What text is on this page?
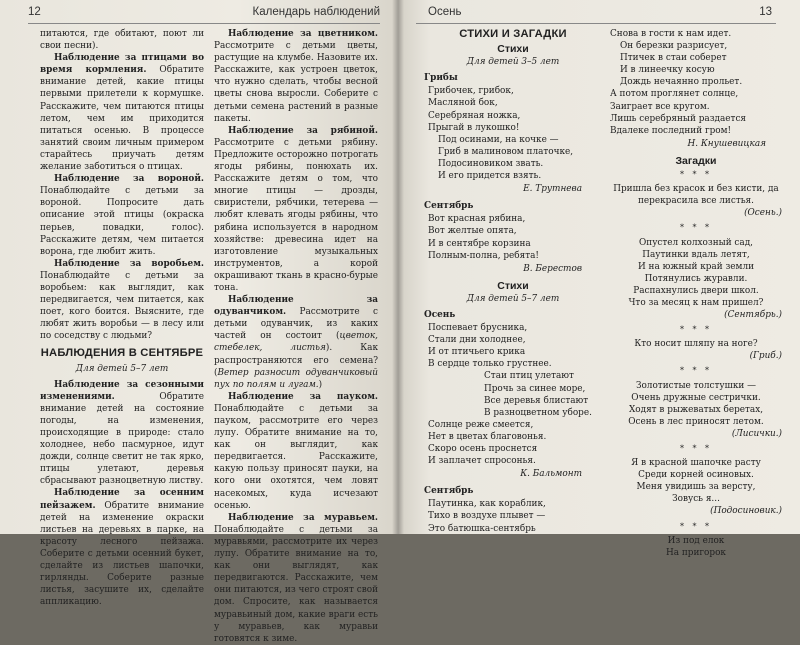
12	Календарь наблюдений

питаются, где обитают, поют ли свои песни).

Наблюдение за птицами во время кормления. Обратите внимание детей, какие птицы первыми прилетели к кормушке. Расскажите, чем питаются птицы летом, чем им приходится питаться осенью. В процессе занятий своим личным примером старайтесь приучать детям желание заботиться о птицах.

Наблюдение за вороной. Понаблюдайте с детьми за вороной. Попросите дать описание этой птицы (окраска перьев, повадки, голос). Расскажите детям, чем питается ворона, где любит жить.

Наблюдение за воробьем. Понаблюдайте с детьми за воробьем: как выглядит, как передвигается, чем питается, как поет, кого боится. Выясните, где любят жить воробьи — в лесу или по соседству с людьми?

НАБЛЮДЕНИЯ В СЕНТЯБРЕ
Для детей 5–7 лет

Наблюдение за сезонными изменениями. Обратите внимание детей на состояние погоды, на изменения, происходящие в природе: стало холоднее, небо пасмурное, идут дожди, солнце светит не так ярко, птицы улетают, деревья сбрасывают разноцветную листву.

Наблюдение за осенним пейзажем. Обратите внимание детей на изменение окраски листьев на деревьях в парке, на красоту лесного пейзажа. Соберите с детьми осенний букет, сделайте из листьев шапочки, гирлянды. Соберите разные листья, засушите их, сделайте аппликацию.

Наблюдение за цветником. Рассмотрите с детьми цветы, растущие на клумбе. Назовите их. Расскажите, как устроен цветок, что нужно сделать, чтобы весной цветы снова выросли. Соберите с детьми семена растений в разные пакеты.

Наблюдение за рябиной. Рассмотрите с детьми рябину. Предложите осторожно потрогать ягоды рябины, понюхать их. Расскажите детям о том, что многие птицы — дрозды, свиристели, рябчики, тетерева — любят клевать ягоды рябины, что рябина используется в народном хозяйстве: древесина идет на изготовление музыкальных инструментов, а корой окрашивают ткань в красно-бурые тона.

Наблюдение за одуванчиком. Рассмотрите с детьми одуванчик, из каких частей он состоит (цветок, стебелек, листья). Как распространяются его семена? (Ветер разносит одуванчиковый пух по полям и лугам.)

Наблюдение за пауком. Понаблюдайте с детьми за пауком, рассмотрите его через лупу. Обратите внимание на то, как он выглядит, как передвигается. Расскажите, какую пользу приносят пауки, на кого они охотятся, чем ловят насекомых, куда исчезают осенью.

Наблюдение за муравьем. Понаблюдайте с детьми за муравьями, рассмотрите их через лупу. Обратите внимание на то, как они выглядят, как передвигаются. Расскажите, чем они питаются, из чего строят свой дом. Спросите, как называется муравьиный дом, какие враги есть у муравьев, как муравьи готовятся к зиме.

Осень	13
СТИХИ И ЗАГАДКИ
Стихи
Для детей 3–5 лет
Грибы
Грибочек, грибок,
Масляной бок,
Серебряная ножка,
Прыгай в лукошко!
Под осинами, на кочке —
Гриб в малиновом платочке,
Подосиновиком звать.
И его придется взять.
Е. Трутнева
Сентябрь
Вот красная рябина,
Вот желтые опята,
И в сентябре корзина
Полным-полна, ребята!
В. Берестов
Стихи
Для детей 5–7 лет
Осень
Поспевает брусника,
Стали дни холоднее,
И от птичьего крика
В сердце только грустнее.
Стаи птиц улетают
Прочь за синее море,
Все деревья блистают
В разноцветном уборе.
Солнце реже смеется,
Нет в цветах благовонья.
Скоро осень проснется
И заплачет спросонья.
К. Бальмонт
Сентябрь
Паутинка, как кораблик,
Тихо в воздухе плывет —
Это батюшка-сентябрь
Снова в гости к нам идет.
Он березки разрисует,
Птичек в стаи соберет
И в линеечку косую
Дождь нечаянно прольет.
А потом проглянет солнце,
Заиграет все кругом.
Лишь серебряный раздается
Вдалеке последний гром!
Н. Кнушевицкая
Загадки
* * *
Пришла без красок и без кисти, да
перекрасила все листья.
(Осень.)
* * *
Опустел колхозный сад,
Паутинки вдаль летят,
И на южный край земли
Потянулись журавли.
Распахнулись двери школ.
Что за месяц к нам пришел?
(Сентябрь.)
* * *
Кто носит шляпу на ноге?
(Гриб.)
* * *
Золотистые толстушки —
Очень дружные сестрички.
Ходят в рыжеватых беретах,
Осень в лес приносят летом.
(Лисички.)
* * *
Я в красной шапочке расту
Среди корней осиновых.
Меня увидишь за версту,
Зовусь я...
(Подосиновик.)
* * *
Из под елок
На пригорок
